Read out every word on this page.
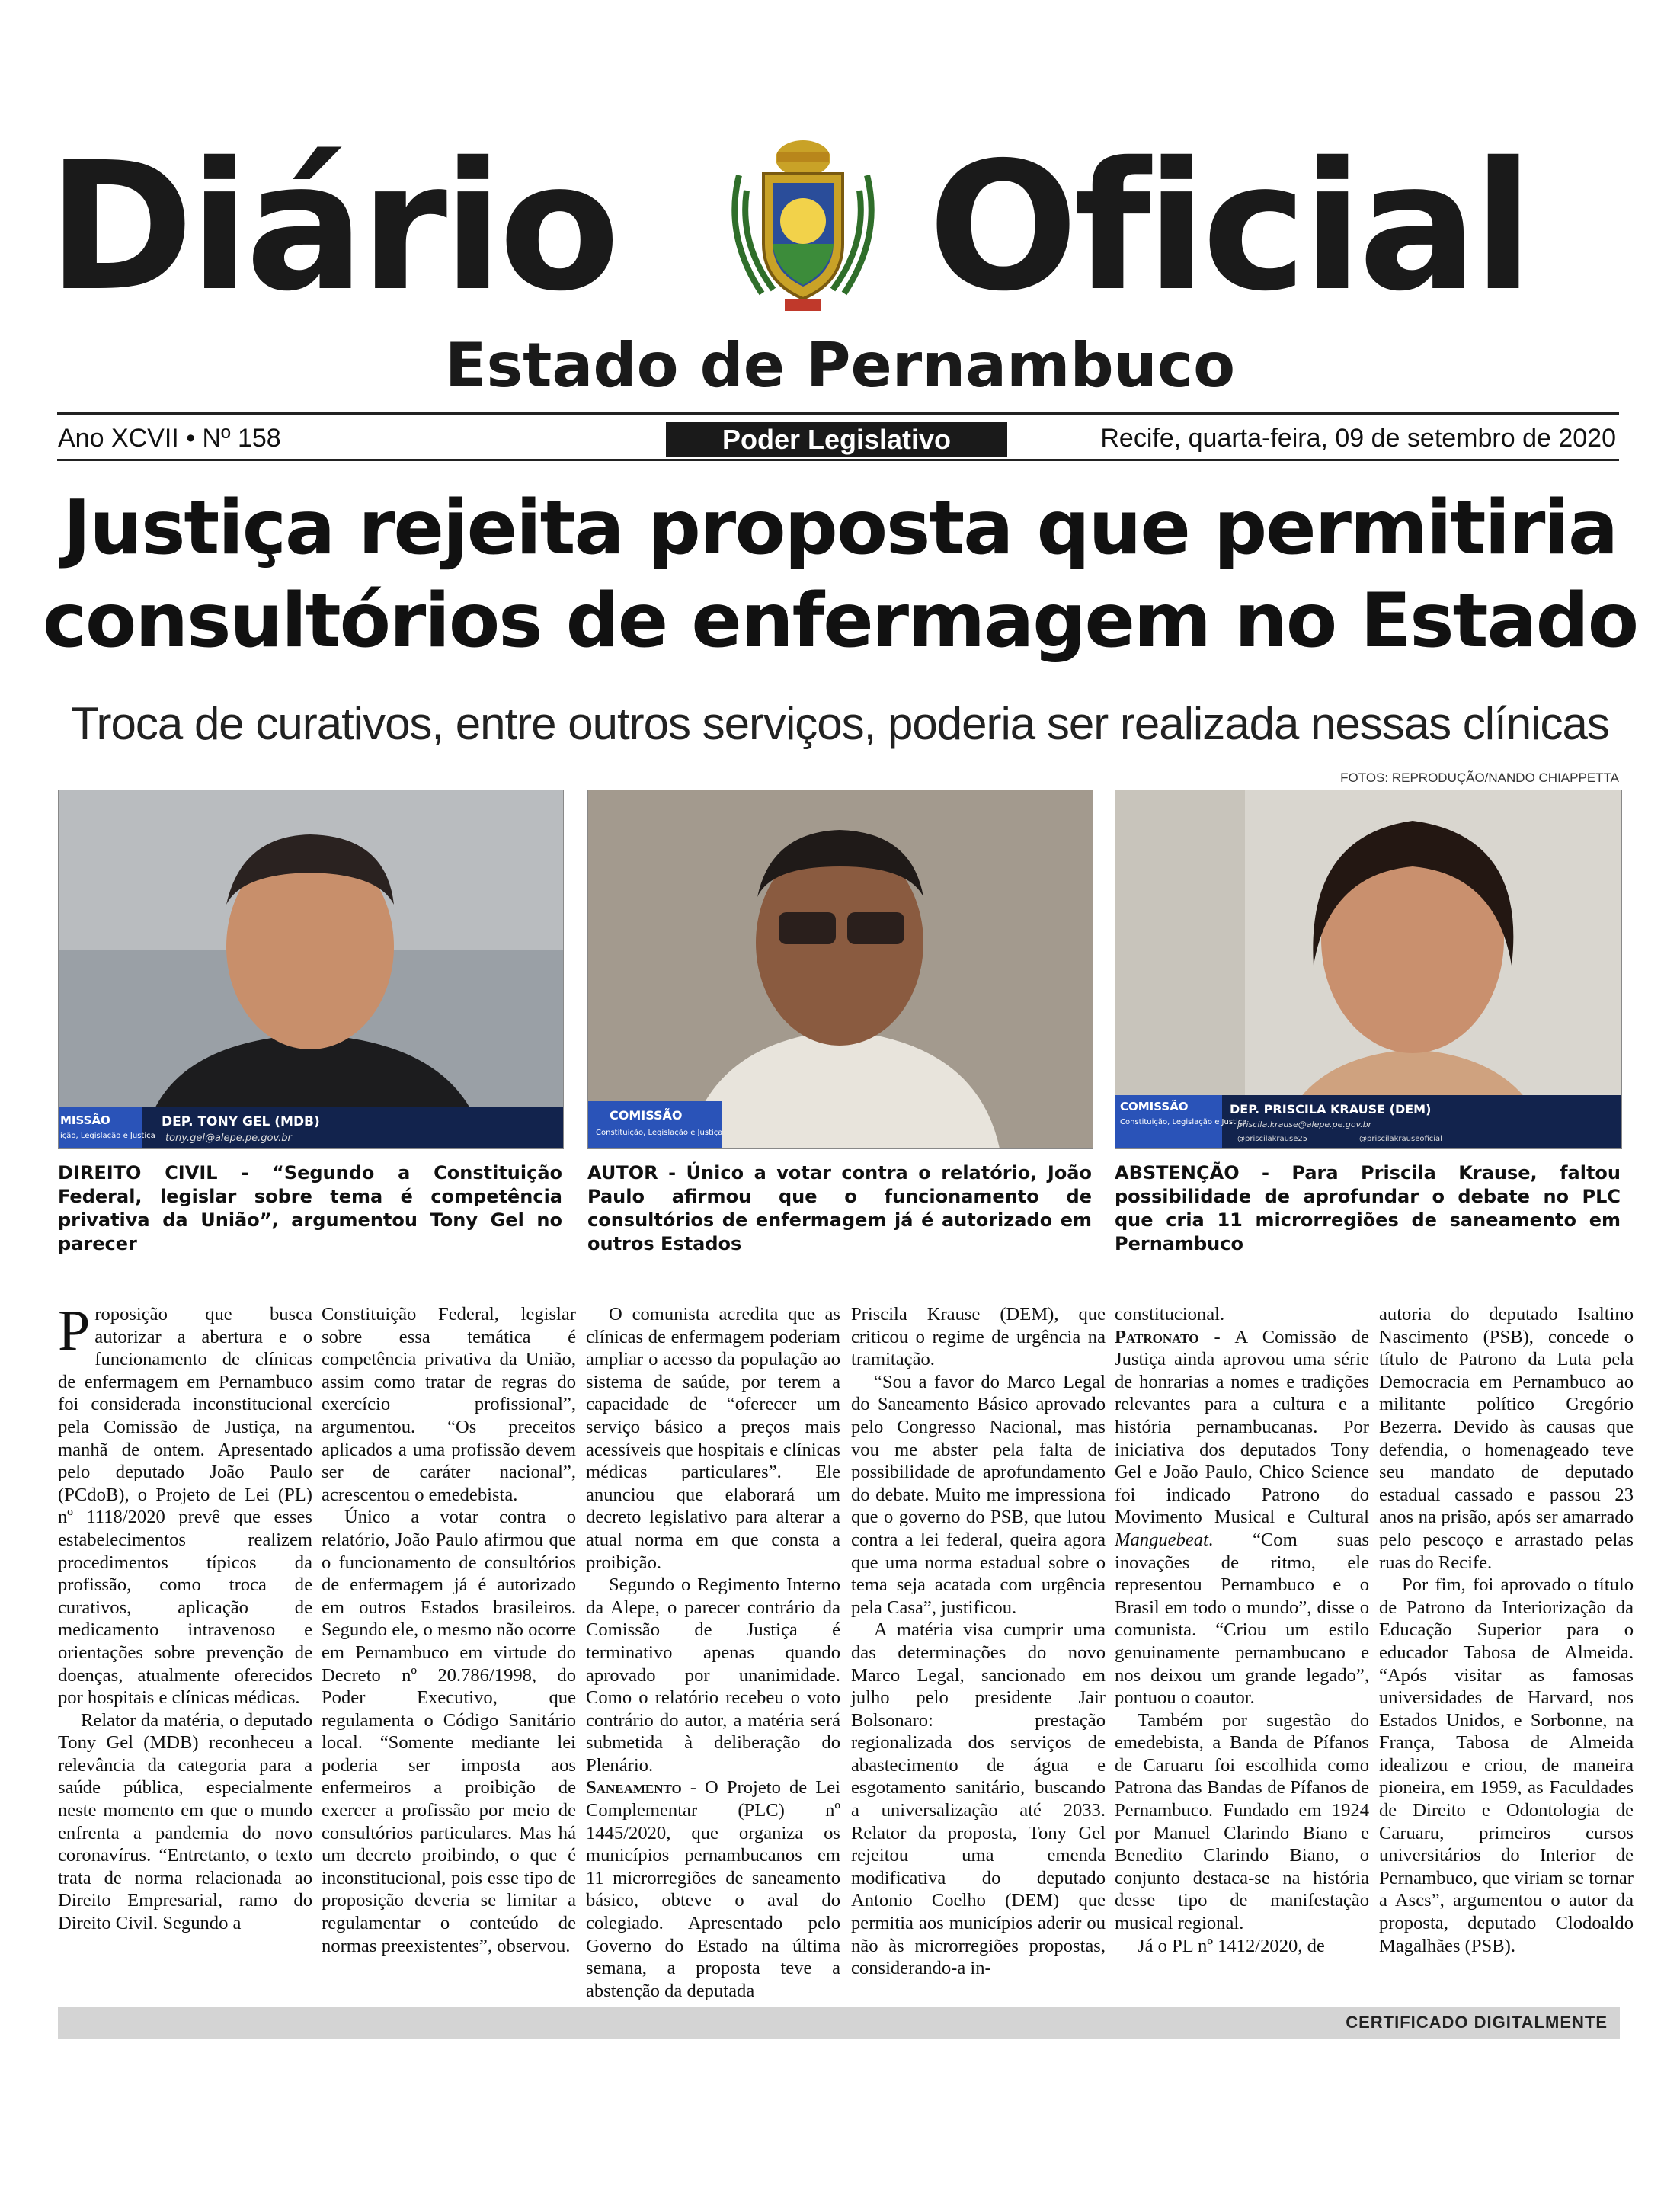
Diário Oficial
Estado de Pernambuco
Ano XCVII • Nº 158	Poder Legislativo	Recife, quarta-feira, 09 de setembro de 2020
Justiça rejeita proposta que permitiria
consultórios de enfermagem no Estado
Troca de curativos, entre outros serviços, poderia ser realizada nessas clínicas
FOTOS: REPRODUÇÃO/NANDO CHIAPPETTA
MISSÃO
ição, Legislação e Justiça
DEP. TONY GEL (MDB)
tony.gel@alepe.pe.gov.br
COMISSÃO
Constituição, Legislação e Justiça
COMISSÃO
Constituição, Legislação e Justiça
DEP. PRISCILA KRAUSE (DEM)
priscila.krause@alepe.pe.gov.br
@priscilakrause25	@priscilakrauseoficial
DIREITO CIVIL - “Segundo a Constituição Federal, legislar sobre tema é competência privativa da União”, argumentou Tony Gel no parecer
AUTOR - Único a votar contra o relatório, João Paulo afirmou que o funcionamento de consultórios de enfermagem já é autorizado em outros Estados
ABSTENÇÃO - Para Priscila Krause, faltou possibilidade de aprofundar o debate no PLC que cria 11 microrregiões de saneamento em Pernambuco

Proposição que busca autorizar a abertura e o funcionamento de clínicas de enfermagem em Pernambuco foi considerada inconstitucional pela Comissão de Justiça, na manhã de ontem. Apresentado pelo deputado João Paulo (PCdoB), o Projeto de Lei (PL) nº 1118/2020 prevê que esses estabelecimentos realizem procedimentos típicos da profissão, como troca de curativos, aplicação de medicamento intravenoso e orientações sobre prevenção de doenças, atualmente oferecidos por hospitais e clínicas médicas.

Relator da matéria, o deputado Tony Gel (MDB) reconheceu a relevância da categoria para a saúde pública, especialmente neste momento em que o mundo enfrenta a pandemia do novo coronavírus. “Entretanto, o texto trata de norma relacionada ao Direito Empresarial, ramo do Direito Civil. Segundo a

Constituição Federal, legislar sobre essa temática é competência privativa da União, assim como tratar de regras do exercício profissional”, argumentou. “Os preceitos aplicados a uma profissão devem ser de caráter nacional”, acrescentou o emedebista.

Único a votar contra o relatório, João Paulo afirmou que o funcionamento de consultórios de enfermagem já é autorizado em outros Estados brasileiros. Segundo ele, o mesmo não ocorre em Pernambuco em virtude do Decreto nº 20.786/1998, do Poder Executivo, que regulamenta o Código Sanitário local. “Somente mediante lei poderia ser imposta aos enfermeiros a proibição de exercer a profissão por meio de consultórios particulares. Mas há um decreto proibindo, o que é inconstitucional, pois esse tipo de proposição deveria se limitar a regulamentar o conteúdo de normas preexistentes”, observou.

O comunista acredita que as clínicas de enfermagem poderiam ampliar o acesso da população ao sistema de saúde, por terem a capacidade de “oferecer um serviço básico a preços mais acessíveis que hospitais e clínicas médicas particulares”. Ele anunciou que elaborará um decreto legislativo para alterar a atual norma em que consta a proibição.

Segundo o Regimento Interno da Alepe, o parecer contrário da Comissão de Justiça é terminativo apenas quando aprovado por unanimidade. Como o relatório recebeu o voto contrário do autor, a matéria será submetida à deliberação do Plenário.

Saneamento - O Projeto de Lei Complementar (PLC) nº 1445/2020, que organiza os municípios pernambucanos em 11 microrregiões de saneamento básico, obteve o aval do colegiado. Apresentado pelo Governo do Estado na última semana, a proposta teve a abstenção da deputada

Priscila Krause (DEM), que criticou o regime de urgência na tramitação.

“Sou a favor do Marco Legal do Saneamento Básico aprovado pelo Congresso Nacional, mas vou me abster pela falta de possibilidade de aprofundamento do debate. Muito me impressiona que o governo do PSB, que lutou contra a lei federal, queira agora que uma norma estadual sobre o tema seja acatada com urgência pela Casa”, justificou.

A matéria visa cumprir uma das determinações do novo Marco Legal, sancionado em julho pelo presidente Jair Bolsonaro: prestação regionalizada dos serviços de abastecimento de água e esgotamento sanitário, buscando a universalização até 2033. Relator da proposta, Tony Gel rejeitou uma emenda modificativa do deputado Antonio Coelho (DEM) que permitia aos municípios aderir ou não às microrregiões propostas, considerando-a in-

constitucional.

Patronato - A Comissão de Justiça ainda aprovou uma série de honrarias a nomes e tradições relevantes para a cultura e a história pernambucanas. Por iniciativa dos deputados Tony Gel e João Paulo, Chico Science foi indicado Patrono do Movimento Musical e Cultural Manguebeat. “Com suas inovações de ritmo, ele representou Pernambuco e o Brasil em todo o mundo”, disse o comunista. “Criou um estilo genuinamente pernambucano e nos deixou um grande legado”, pontuou o coautor.

Também por sugestão do emedebista, a Banda de Pífanos de Caruaru foi escolhida como Patrona das Bandas de Pífanos de Pernambuco. Fundado em 1924 por Manuel Clarindo Biano e Benedito Clarindo Biano, o conjunto destaca-se na história desse tipo de manifestação musical regional.

Já o PL nº 1412/2020, de

autoria do deputado Isaltino Nascimento (PSB), concede o título de Patrono da Luta pela Democracia em Pernambuco ao militante político Gregório Bezerra. Devido às causas que defendia, o homenageado teve seu mandato de deputado estadual cassado e passou 23 anos na prisão, após ser amarrado pelo pescoço e arrastado pelas ruas do Recife.

Por fim, foi aprovado o título de Patrono da Interiorização da Educação Superior para o educador Tabosa de Almeida. “Após visitar as famosas universidades de Harvard, nos Estados Unidos, e Sorbonne, na França, Tabosa de Almeida idealizou e criou, de maneira pioneira, em 1959, as Faculdades de Direito e Odontologia de Caruaru, primeiros cursos universitários do Interior de Pernambuco, que viriam se tornar a Ascs”, argumentou o autor da proposta, deputado Clodoaldo Magalhães (PSB).

CERTIFICADO DIGITALMENTE
